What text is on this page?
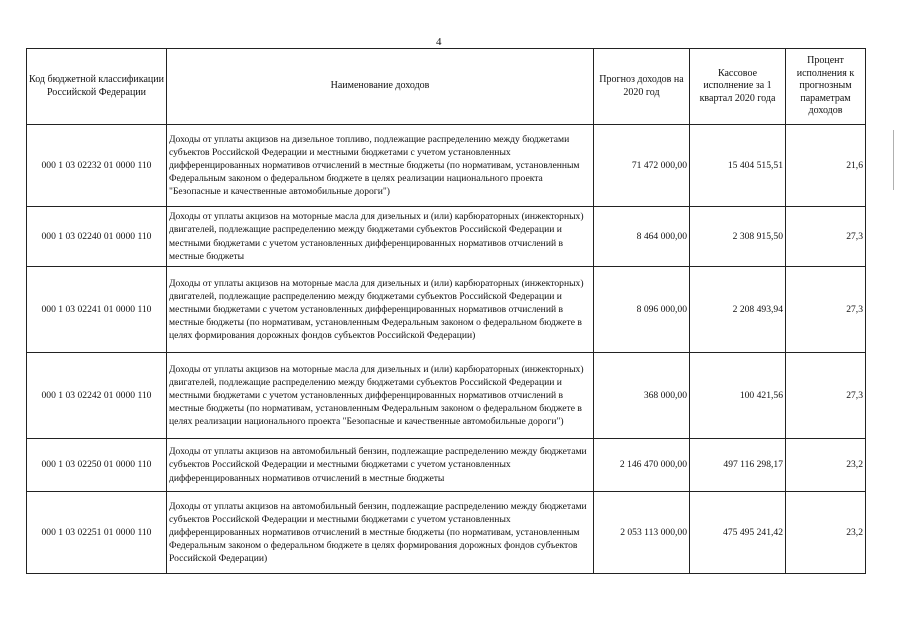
4
Код бюджетной классификации Российской Федерации	Наименование доходов	Прогноз доходов на 2020 год	Кассовое исполнение за 1 квартал 2020 года	Процент исполнения к прогнозным параметрам доходов
000 1 03 02232 01 0000 110	Доходы от уплаты акцизов на дизельное топливо, подлежащие распределению между бюджетами субъектов Российской Федерации и местными бюджетами с учетом установленных дифференцированных нормативов отчислений в местные бюджеты (по нормативам, установленным Федеральным законом о федеральном бюджете в целях реализации национального проекта "Безопасные и качественные автомобильные дороги")	71 472 000,00	15 404 515,51	21,6
000 1 03 02240 01 0000 110	Доходы от уплаты акцизов на моторные масла для дизельных и (или) карбюраторных (инжекторных) двигателей, подлежащие распределению между бюджетами субъектов Российской Федерации и местными бюджетами с учетом установленных дифференцированных нормативов отчислений в местные бюджеты	8 464 000,00	2 308 915,50	27,3
000 1 03 02241 01 0000 110	Доходы от уплаты акцизов на моторные масла для дизельных и (или) карбюраторных (инжекторных) двигателей, подлежащие распределению между бюджетами субъектов Российской Федерации и местными бюджетами с учетом установленных дифференцированных нормативов отчислений в местные бюджеты (по нормативам, установленным Федеральным законом о федеральном бюджете в целях формирования дорожных фондов субъектов Российской Федерации)	8 096 000,00	2 208 493,94	27,3
000 1 03 02242 01 0000 110	Доходы от уплаты акцизов на моторные масла для дизельных и (или) карбюраторных (инжекторных) двигателей, подлежащие распределению между бюджетами субъектов Российской Федерации и местными бюджетами с учетом установленных дифференцированных нормативов отчислений в местные бюджеты (по нормативам, установленным Федеральным законом о федеральном бюджете в целях реализации национального проекта "Безопасные и качественные автомобильные дороги")	368 000,00	100 421,56	27,3
000 1 03 02250 01 0000 110	Доходы от уплаты акцизов на автомобильный бензин, подлежащие распределению между бюджетами субъектов Российской Федерации и местными бюджетами с учетом установленных дифференцированных нормативов отчислений в местные бюджеты	2 146 470 000,00	497 116 298,17	23,2
000 1 03 02251 01 0000 110	Доходы от уплаты акцизов на автомобильный бензин, подлежащие распределению между бюджетами субъектов Российской Федерации и местными бюджетами с учетом установленных дифференцированных нормативов отчислений в местные бюджеты (по нормативам, установленным Федеральным законом о федеральном бюджете в целях формирования дорожных фондов субъектов Российской Федерации)	2 053 113 000,00	475 495 241,42	23,2
